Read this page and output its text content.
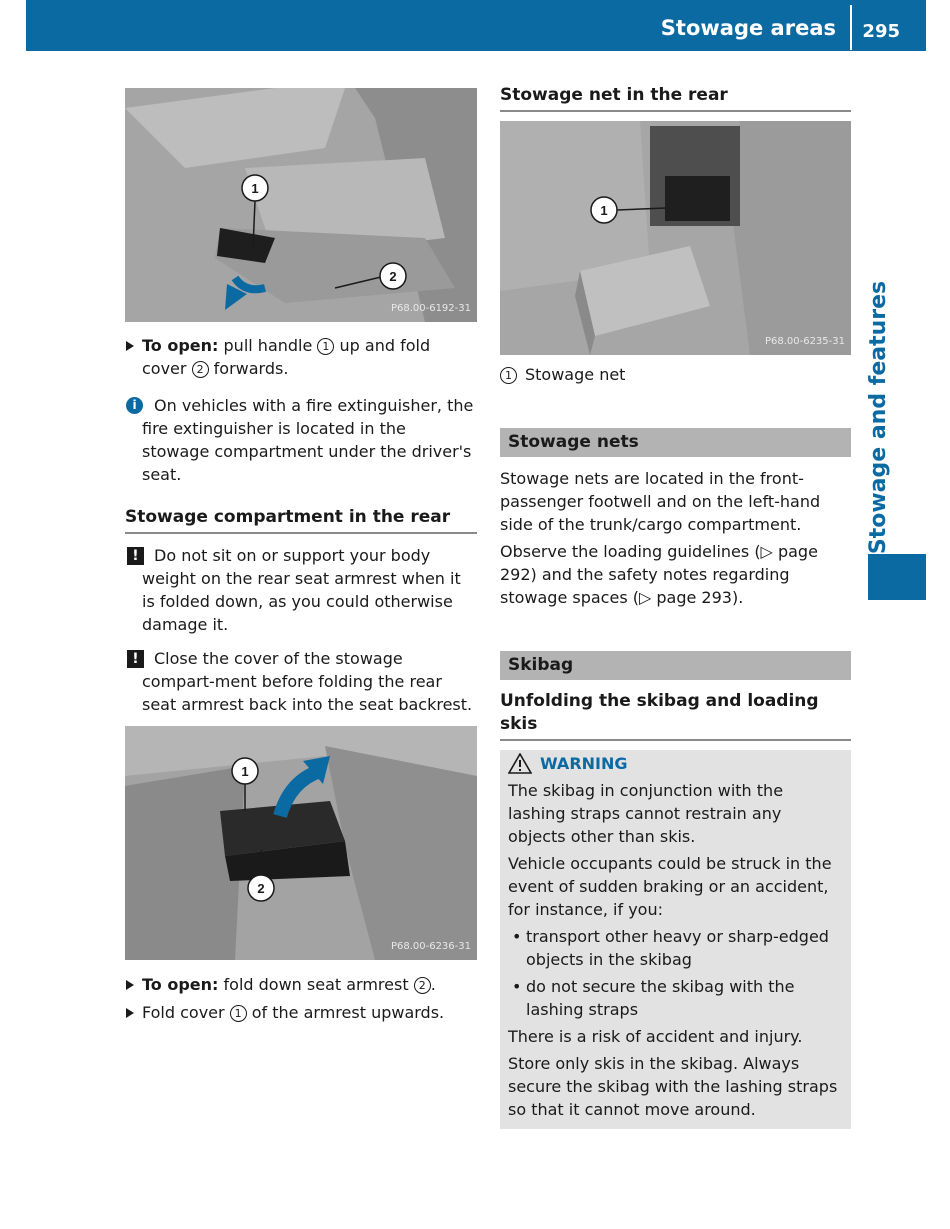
Stowage areas 295
Stowage and features
1
2
P68.00-6192-31

To open: pull handle 1 up and fold cover 2 forwards.

i	On vehicles with a fire extinguisher, the fire extinguisher is located in the stowage compartment under the driver's seat.

Stowage compartment in the rear

! Do not sit on or support your body weight on the rear seat armrest when it is folded down, as you could otherwise damage it.

! Close the cover of the stowage compart-ment before folding the rear seat armrest back into the seat backrest.

1
2
P68.00-6236-31

To open: fold down seat armrest 2 .

Fold cover 1 of the armrest upwards.

Stowage net in the rear
1
P68.00-6235-31

1 Stowage net

Stowage nets

Stowage nets are located in the front-passenger footwell and on the left-hand side of the trunk/cargo compartment.

Observe the loading guidelines (▷ page 292) and the safety notes regarding stowage spaces (▷ page 293).

Skibag
Unfolding the skibag and loading skis
WARNING

The skibag in conjunction with the lashing straps cannot restrain any objects other than skis.

Vehicle occupants could be struck in the event of sudden braking or an accident, for instance, if you:

• transport other heavy or sharp-edged objects in the skibag

• do not secure the skibag with the lashing straps

There is a risk of accident and injury.

Store only skis in the skibag. Always secure the skibag with the lashing straps so that it cannot move around.
